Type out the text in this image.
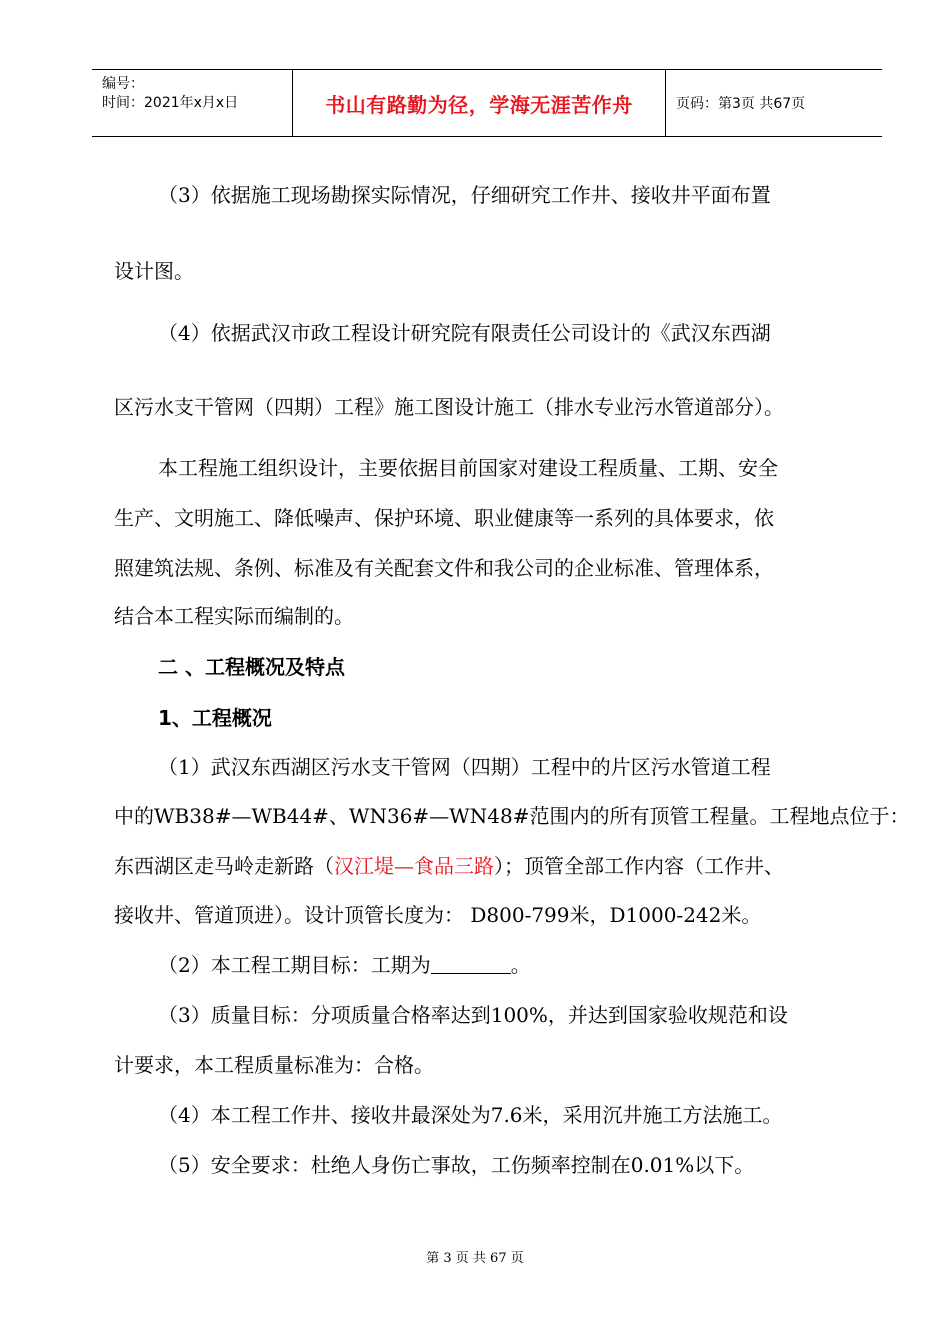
编号：
时间：2021年x月x日	书山有路勤为径，学海无涯苦作舟	页码：第3页 共67页
（3）依据施工现场勘探实际情况，仔细研究工作井、接收井平面布置
设计图。
（4）依据武汉市政工程设计研究院有限责任公司设计的《武汉东西湖
区污水支干管网（四期）工程》施工图设计施工（排水专业污水管道部分）。
本工程施工组织设计，主要依据目前国家对建设工程质量、工期、安全
生产、文明施工、降低噪声、保护环境、职业健康等一系列的具体要求，依
照建筑法规、条例、标准及有关配套文件和我公司的企业标准、管理体系，
结合本工程实际而编制的。
二 、工程概况及特点
1、工程概况
（1）武汉东西湖区污水支干管网（四期）工程中的片区污水管道工程
中的WB38#—WB44#、WN36#—WN48#范围内的所有顶管工程量。工程地点位于：
东西湖区走马岭走新路（汉江堤—食品三路）；顶管全部工作内容（工作井、
接收井、管道顶进）。设计顶管长度为： D800-799米，D1000-242米。
（2）本工程工期目标：工期为	。
（3）质量目标：分项质量合格率达到100%，并达到国家验收规范和设
计要求，本工程质量标准为：合格。
（4）本工程工作井、接收井最深处为7.6米，采用沉井施工方法施工。
（5）安全要求：杜绝人身伤亡事故，工伤频率控制在0.01%以下。
第 3 页 共 67 页
